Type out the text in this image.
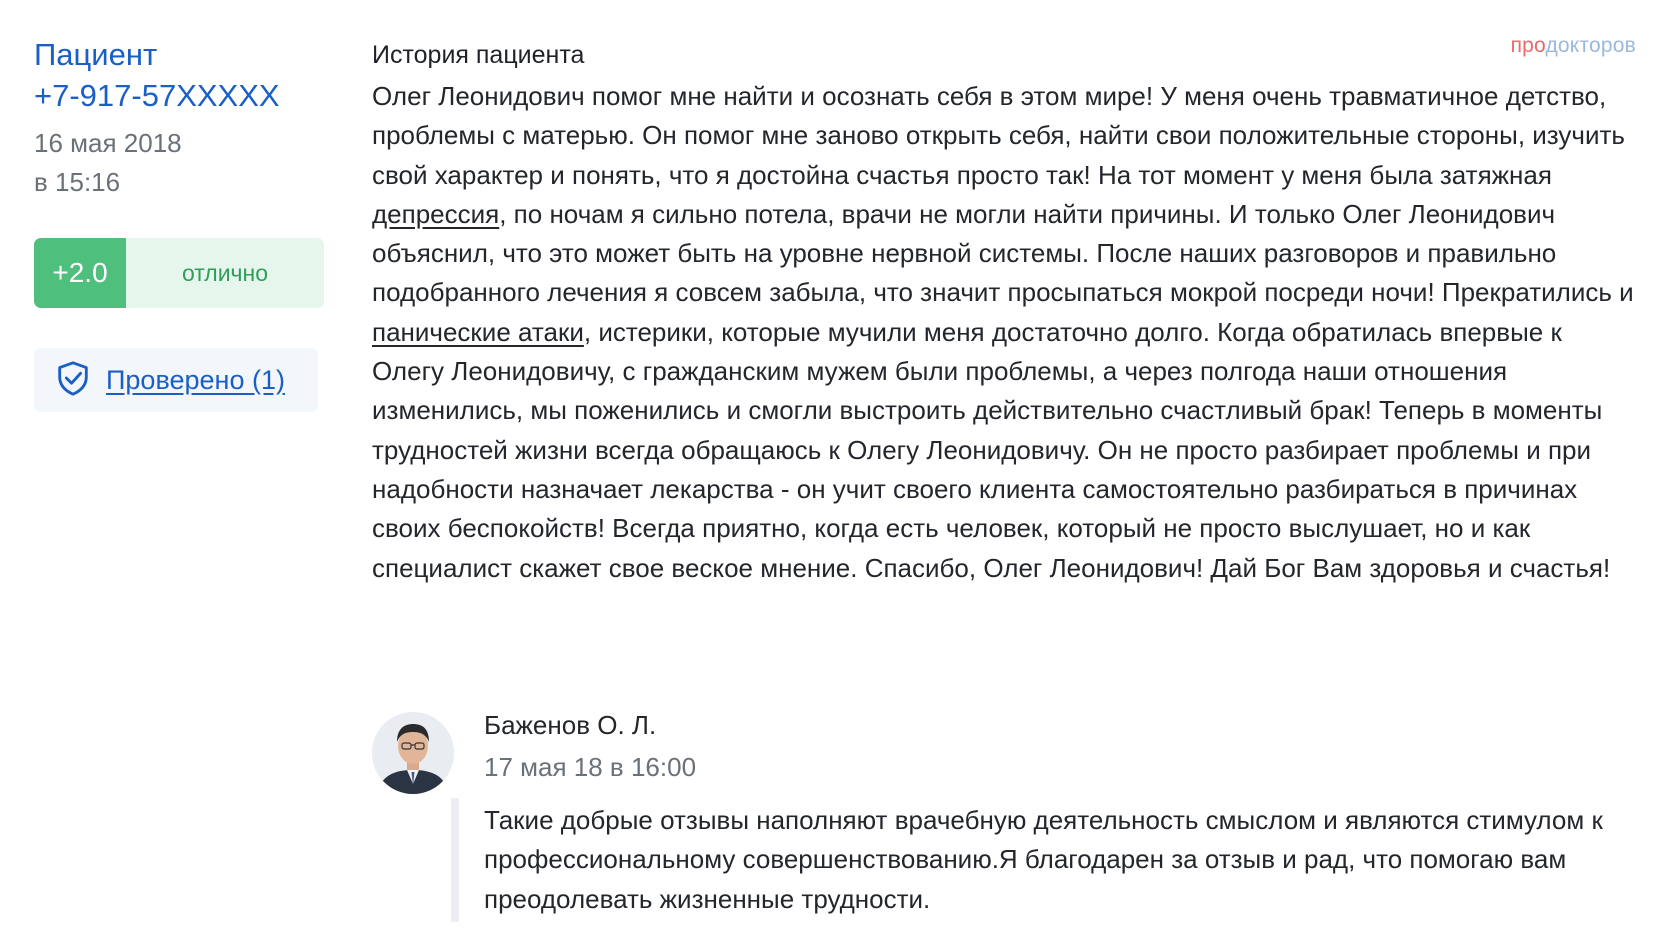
Пациент
+7-917-57XXXXX
16 мая 2018
в 15:16
+2.0	отлично
Проверено (1)
продокторов
История пациента
Олег Леонидович помог мне найти и осознать себя в этом мире! У меня очень травматичное детство, проблемы с матерью. Он помог мне заново открыть себя, найти свои положительные стороны, изучить свой характер и понять, что я достойна счастья просто так! На тот момент у меня была затяжная депрессия, по ночам я сильно потела, врачи не могли найти причины. И только Олег Леонидович объяснил, что это может быть на уровне нервной системы. После наших разговоров и правильно подобранного лечения я совсем забыла, что значит просыпаться мокрой посреди ночи! Прекратились и панические атаки, истерики, которые мучили меня достаточно долго. Когда обратилась впервые к Олегу Леонидовичу, с гражданским мужем были проблемы, а через полгода наши отношения изменились, мы поженились и смогли выстроить действительно счастливый брак! Теперь в моменты трудностей жизни всегда обращаюсь к Олегу Леонидовичу. Он не просто разбирает проблемы и при надобности назначает лекарства - он учит своего клиента самостоятельно разбираться в причинах своих беспокойств! Всегда приятно, когда есть человек, который не просто выслушает, но и как специалист скажет свое веское мнение. Спасибо, Олег Леонидович! Дай Бог Вам здоровья и счастья!
Баженов О. Л.
17 мая 18 в 16:00
Такие добрые отзывы наполняют врачебную деятельность смыслом и являются стимулом к профессиональному совершенствованию.Я благодарен за отзыв и рад, что помогаю вам преодолевать жизненные трудности.
